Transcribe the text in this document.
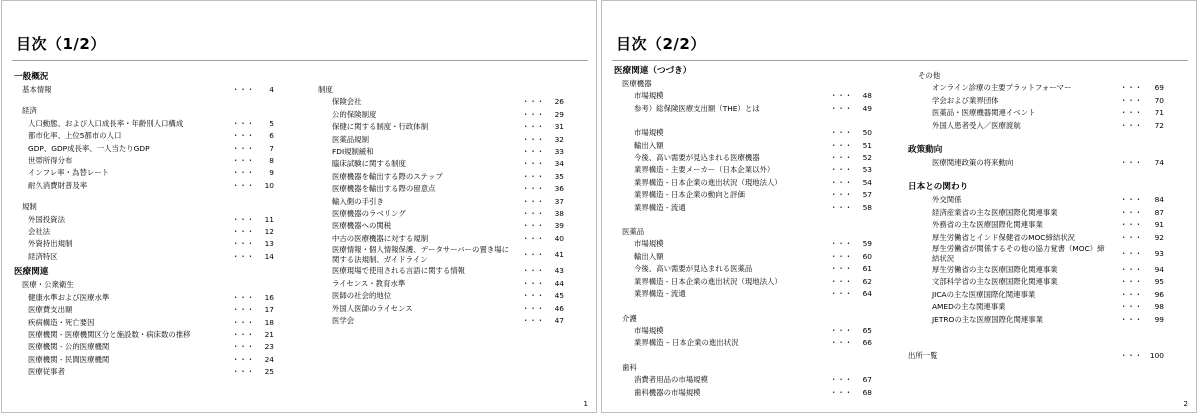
目次（1/2）
一般概況
基本情報	・・・	4
経済
人口動態、および人口成長率・年齢別人口構成	・・・	5
都市化率、上位5都市の人口	・・・	6
GDP、GDP成長率、一人当たりGDP	・・・	7
世帯所得分布	・・・	8
インフレ率・為替レート	・・・	9
耐久消費財普及率	・・・	10
規制
外国投資法	・・・	11
会社法	・・・	12
外資持出規制	・・・	13
経済特区	・・・	14
医療関連
医療・公衆衛生
健康水準および医療水準	・・・	16
医療費支出額	・・・	17
疾病構造・死亡要因	・・・	18
医療機関 - 医療機関区分と施設数・病床数の推移	・・・	21
医療機関 - 公的医療機関	・・・	23
医療機関 - 民間医療機関	・・・	24
医療従事者	・・・	25
制度
保険会社	・・・	26
公的保険制度	・・・	29
保健に関する制度・行政体制	・・・	31
医薬品規制	・・・	32
FDI規制緩和	・・・	33
臨床試験に関する制度	・・・	34
医療機器を輸出する際のステップ	・・・	35
医療機器を輸出する際の留意点	・・・	36
輸入側の手引き	・・・	37
医療機器のラベリング	・・・	38
医療機器への関税	・・・	39
中古の医療機器に対する規制	・・・	40
医療情報・個人情報保護、データサーバーの置き場に関する法規制、ガイドライン
・・・	41
医療現場で使用される言語に関する情報	・・・	43
ライセンス・教育水準	・・・	44
医師の社会的地位	・・・	45
外国人医師のライセンス	・・・	46
医学会	・・・	47
1
目次（2/2）
医療関連（つづき）
医療機器
市場規模	・・・	48
参考）総保険医療支出額（THE）とは	・・・	49
市場規模	・・・	50
輸出入額	・・・	51
今後、高い需要が見込まれる医療機器	・・・	52
業界構造 - 主要メーカー（日本企業以外）	・・・	53
業界構造 - 日本企業の進出状況（現地法人）	・・・	54
業界構造 - 日本企業の動向と評価	・・・	57
業界構造 - 流通	・・・	58
医薬品
市場規模	・・・	59
輸出入額	・・・	60
今後、高い需要が見込まれる医薬品	・・・	61
業界構造 - 日本企業の進出状況（現地法人）	・・・	62
業界構造 - 流通	・・・	64
介護
市場規模	・・・	65
業界構造 – 日本企業の進出状況	・・・	66
歯科
消費者用品の市場規模	・・・	67
歯科機器の市場規模	・・・	68
その他
オンライン診療の主要プラットフォーマー	・・・	69
学会および業界団体	・・・	70
医薬品・医療機器関連イベント	・・・	71
外国人患者受入／医療渡航	・・・	72
政策動向
医療関連政策の将来動向	・・・	74
日本との関わり
外交関係	・・・	84
経済産業省の主な医療国際化関連事業	・・・	87
外務省の主な医療国際化関連事業	・・・	91
厚生労働省とインド保健省のMOC締結状況	・・・	92
厚生労働省が関係するその他の協力覚書（MOC）締結状況
・・・	93
厚生労働省の主な医療国際化関連事業	・・・	94
文部科学省の主な医療国際化関連事業	・・・	95
JICAの主な医療国際化関連事業	・・・	96
AMEDの主な関連事業	・・・	98
JETROの主な医療国際化関連事業	・・・	99
出所一覧	・・・	100
2
